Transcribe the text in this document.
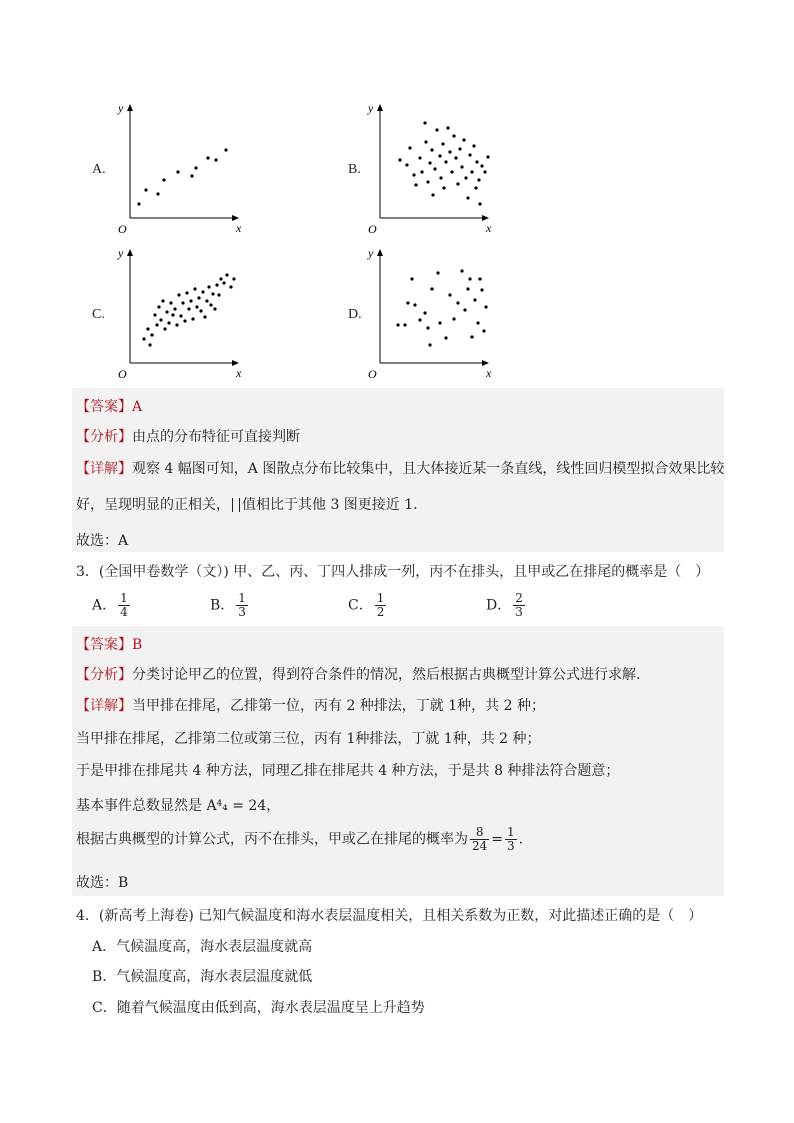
y
x
O
A.
y
x
O
B.
y
x
O
C.
y
x
O
D.
【答案】A
【分析】由点的分布特征可直接判断
【详解】观察 4 幅图可知，A 图散点分布比较集中，且大体接近某一条直线，线性回归模型拟合效果比较
好，呈现明显的正相关， 值相比于其他 3 图更接近 1.
故选：A
3．(全国甲卷数学（文）) 甲、乙、丙、丁四人排成一列，丙不在排头，且甲或乙在排尾的概率是（　）
A． $\frac{1}{4}$	B． $\frac{1}{3}$	C． $\frac{1}{2}$	D． $\frac{2}{3}$
【答案】B
【分析】分类讨论甲乙的位置，得到符合条件的情况，然后根据古典概型计算公式进行求解.
【详解】当甲排在排尾，乙排第一位，丙有 2 种排法，丁就 1种，共 2 种；
当甲排在排尾，乙排第二位或第三位，丙有 1种排法，丁就 1种，共 2 种；
于是甲排在排尾共 4 种方法，同理乙排在排尾共 4 种方法，于是共 8 种排法符合题意；
基本事件总数显然是 A⁴₄ = 24，
根据古典概型的计算公式，丙不在排头，甲或乙在排尾的概率为 $\frac{8}{24} = \frac{1}{3}$ .
故选：B
4．(新高考上海卷) 已知气候温度和海水表层温度相关，且相关系数为正数，对此描述正确的是（　）
A．气候温度高，海水表层温度就高
B．气候温度高，海水表层温度就低
C．随着气候温度由低到高，海水表层温度呈上升趋势
